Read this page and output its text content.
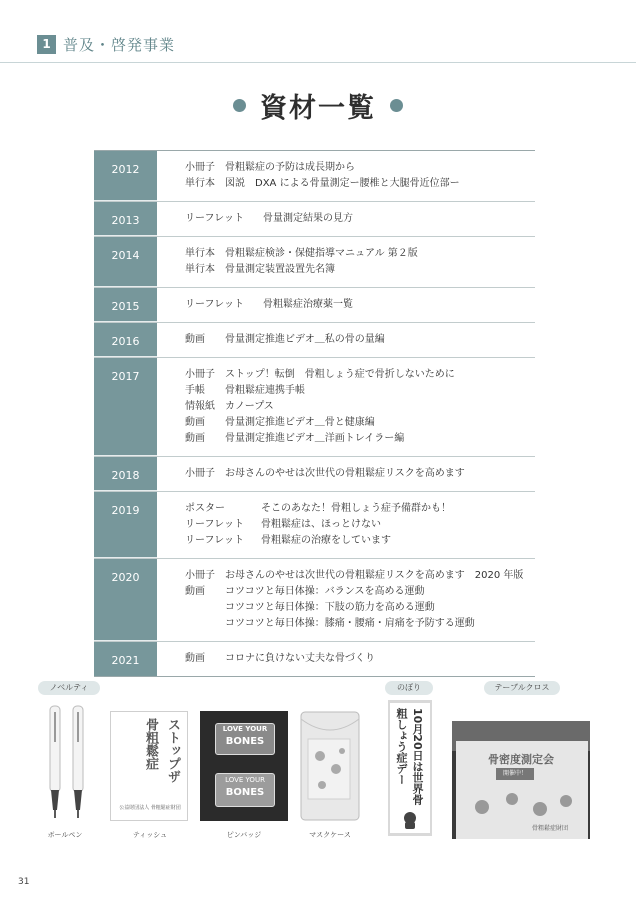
1 普及・啓発事業
資材一覧
2012	小冊子	骨粗鬆症の予防は成長期から
単行本	図説　DXA による骨量測定ー腰椎と大腿骨近位部ー
2013	リーフレット	骨量測定結果の見方
2014	単行本	骨粗鬆症検診・保健指導マニュアル 第２版
単行本	骨量測定装置設置先名簿
2015	リーフレット	骨粗鬆症治療薬一覧
2016	動画	骨量測定推進ビデオ＿私の骨の量編
2017	小冊子	ストップ！転倒　骨粗しょう症で骨折しないために
手帳	骨粗鬆症連携手帳
情報紙	カノープス
動画	骨量測定推進ビデオ＿骨と健康編
動画	骨量測定推進ビデオ＿洋画トレイラー編
2018	小冊子	お母さんのやせは次世代の骨粗鬆症リスクを高めます
2019	ポスター	そこのあなた！骨粗しょう症予備群かも！
リーフレット	骨粗鬆症は、ほっとけない
リーフレット	骨粗鬆症の治療をしています
2020	小冊子	お母さんのやせは次世代の骨粗鬆症リスクを高めます　2020 年版
動画	コツコツと毎日体操：バランスを高める運動
コツコツと毎日体操：下肢の筋力を高める運動
コツコツと毎日体操：膝痛・腰痛・肩痛を予防する運動
2021	動画	コロナに負けない丈夫な骨づくり
ノベルティ	のぼり	テーブルクロス
ボールペン
ストップザ骨粗鬆症
公益財団法人 骨粗鬆症財団
ティッシュ
LOVE YOUR
BONES
LOVE YOUR
BONES
ピンバッジ	マスクケース
10月20日は世界骨粗しょう症デー	骨密度測定会
開催中！
骨粗鬆症財団
31
